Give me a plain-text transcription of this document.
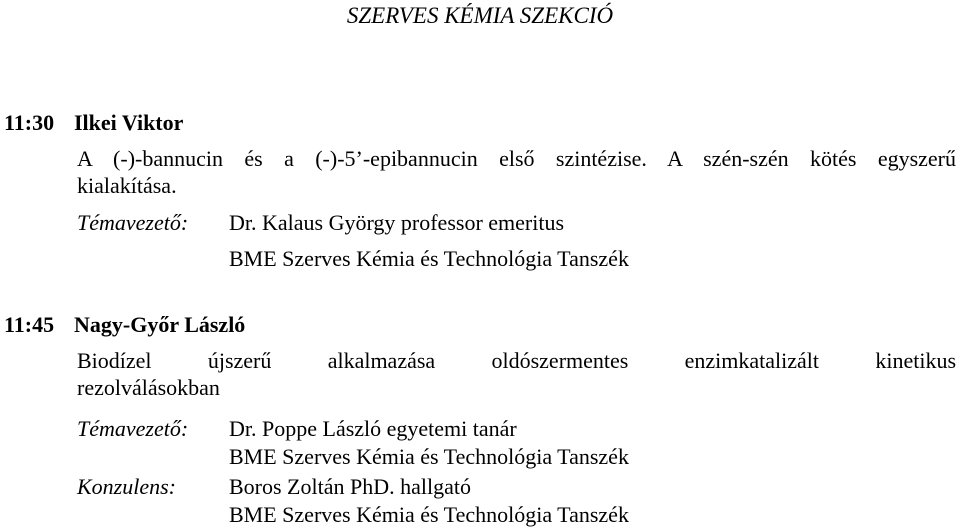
SZERVES KÉMIA SZEKCIÓ
11:30 Ilkei Viktor
A (-)-bannucin és a (-)-5’-epibannucin első szintézise. A szén-szén kötés egyszerű
kialakítása.
Témavezető: Dr. Kalaus György professor emeritus
BME Szerves Kémia és Technológia Tanszék
11:45 Nagy-Győr László
Biodízel újszerű alkalmazása oldószermentes enzimkatalizált kinetikus
rezolválásokban
Témavezető: Dr. Poppe László egyetemi tanár
BME Szerves Kémia és Technológia Tanszék
Konzulens: Boros Zoltán PhD. hallgató
BME Szerves Kémia és Technológia Tanszék
